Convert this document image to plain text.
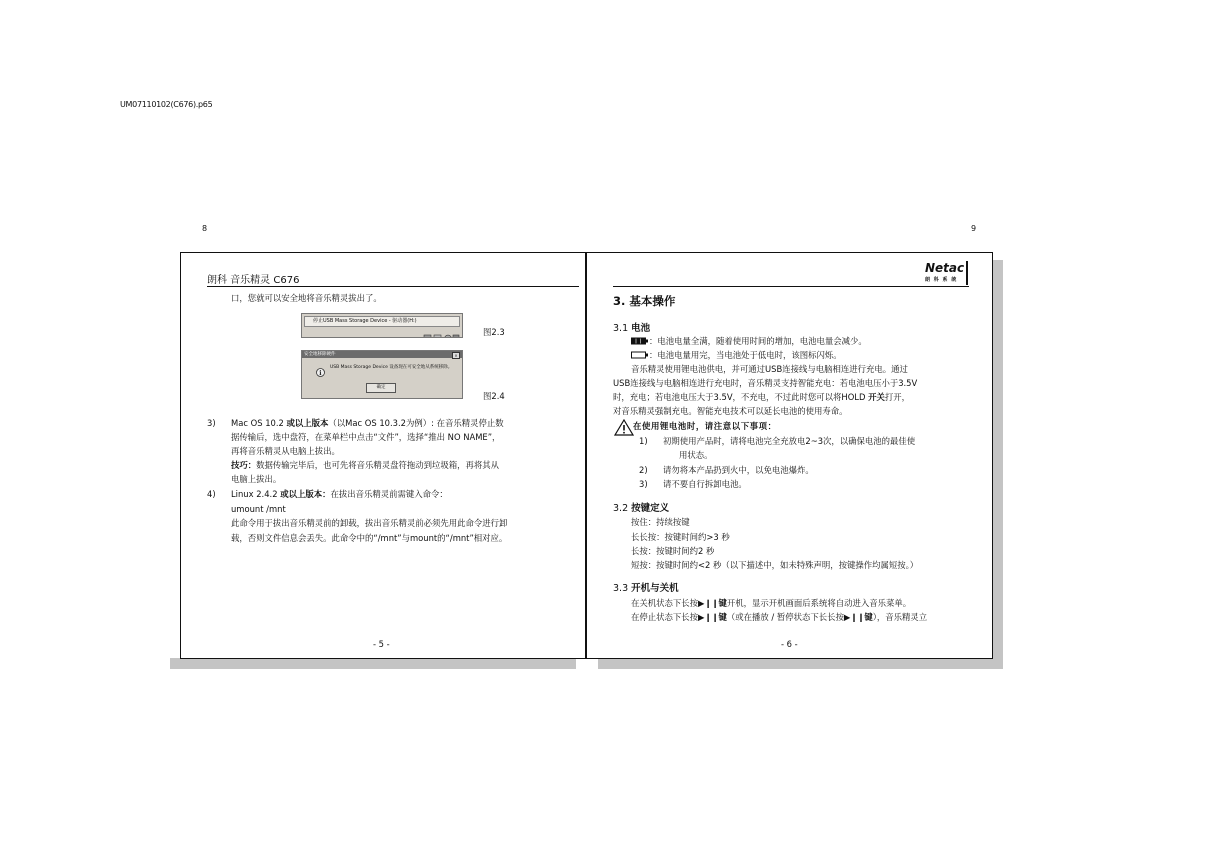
UM07110102(C676).p65
8	9
朗科 音乐精灵 C676
口，您就可以安全地将音乐精灵拔出了。
停止USB Mass Storage Device - 驱动器(H:)
图2.3
安全地移除硬件	×
i
USB Mass Storage Device 设备现在可安全地从系统移除。
确定
图2.4
3) Mac OS 10.2 或以上版本（以Mac OS 10.3.2为例）: 在音乐精灵停止数
据传输后，选中盘符，在菜单栏中点击“文件”，选择“推出 NO NAME”，
再将音乐精灵从电脑上拔出。
技巧：数据传输完毕后，也可先将音乐精灵盘符拖动到垃圾箱，再将其从
电脑上拔出。
4) Linux 2.4.2 或以上版本：在拔出音乐精灵前需键入命令：
umount /mnt
此命令用于拔出音乐精灵前的卸载，拔出音乐精灵前必须先用此命令进行卸
载，否则文件信息会丢失。此命令中的“/mnt”与mount的“/mnt”相对应。
- 5 -
Netac
朗 科 系 统
3. 基本操作
3.1 电池
：电池电量全满，随着使用时间的增加，电池电量会减少。
：电池电量用完，当电池处于低电时，该图标闪烁。
音乐精灵使用锂电池供电，并可通过USB连接线与电脑相连进行充电。通过
USB连接线与电脑相连进行充电时，音乐精灵支持智能充电：若电池电压小于3.5V
时，充电；若电池电压大于3.5V，不充电，不过此时您可以将HOLD 开关打开，
对音乐精灵强制充电。智能充电技术可以延长电池的使用寿命。
在使用锂电池时，请注意以下事项：
1) 初期使用产品时，请将电池完全充放电2~3次，以确保电池的最佳使
用状态。
2) 请勿将本产品扔到火中，以免电池爆炸。
3) 请不要自行拆卸电池。
3.2 按键定义
按住：持续按键
长长按：按键时间约>3 秒
长按：按键时间约2 秒
短按：按键时间约<2 秒（以下描述中，如未特殊声明，按键操作均属短按。）
3.3 开机与关机
在关机状态下长按▶❙❙键开机，显示开机画面后系统将自动进入音乐菜单。
在停止状态下长按▶❙❙键（或在播放 / 暂停状态下长长按▶❙❙键），音乐精灵立
- 6 -
